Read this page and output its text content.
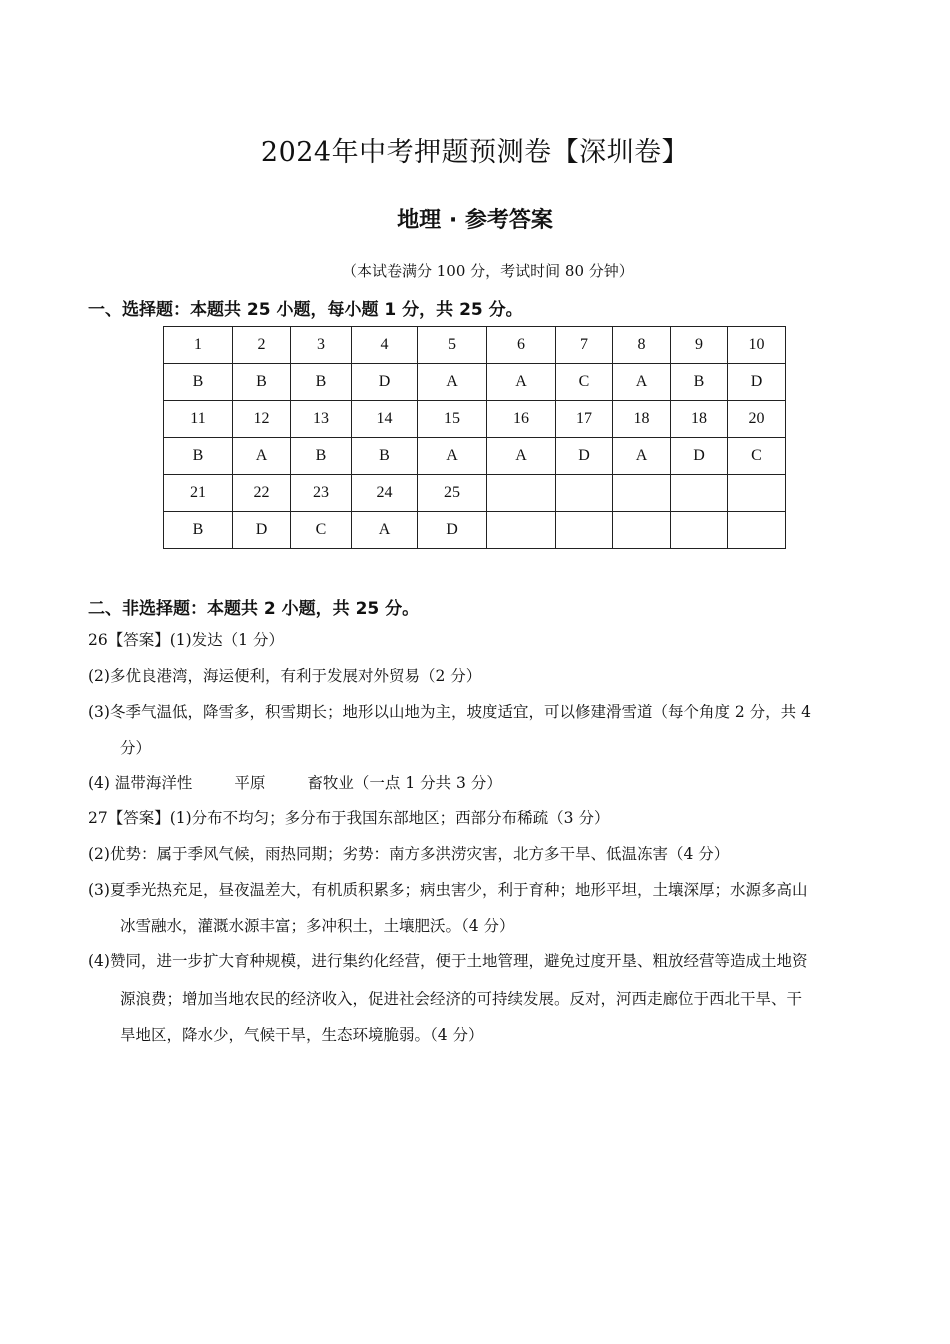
2024年中考押题预测卷【深圳卷】
地理 · 参考答案
（本试卷满分 100 分，考试时间 80 分钟）
一、选择题：本题共 25 小题，每小题 1 分，共 25 分。
1	2	3	4	5	6	7	8	9	10
B	B	B	D	A	A	C	A	B	D
11	12	13	14	15	16	17	18	18	20
B	A	B	B	A	A	D	A	D	C
21	22	23	24	25					
B	D	C	A	D					
二、非选择题：本题共 2 小题，共 25 分。
26【答案】(1)发达（1 分）
(2)多优良港湾，海运便利，有利于发展对外贸易（2 分）
(3)冬季气温低，降雪多，积雪期长；地形以山地为主，坡度适宜，可以修建滑雪道（每个角度 2 分，共 4
分）
(4) 温带海洋性	平原	畜牧业（一点 1 分共 3 分）
27【答案】(1)分布不均匀；多分布于我国东部地区；西部分布稀疏（3 分）
(2)优势：属于季风气候，雨热同期；劣势：南方多洪涝灾害，北方多干旱、低温冻害（4 分）
(3)夏季光热充足，昼夜温差大，有机质积累多；病虫害少，利于育种；地形平坦，土壤深厚；水源多高山
冰雪融水，灌溉水源丰富；多冲积土，土壤肥沃。（4 分）
(4)赞同，进一步扩大育种规模，进行集约化经营，便于土地管理，避免过度开垦、粗放经营等造成土地资
源浪费；增加当地农民的经济收入，促进社会经济的可持续发展。反对，河西走廊位于西北干旱、干
旱地区，降水少，气候干旱，生态环境脆弱。（4 分）
